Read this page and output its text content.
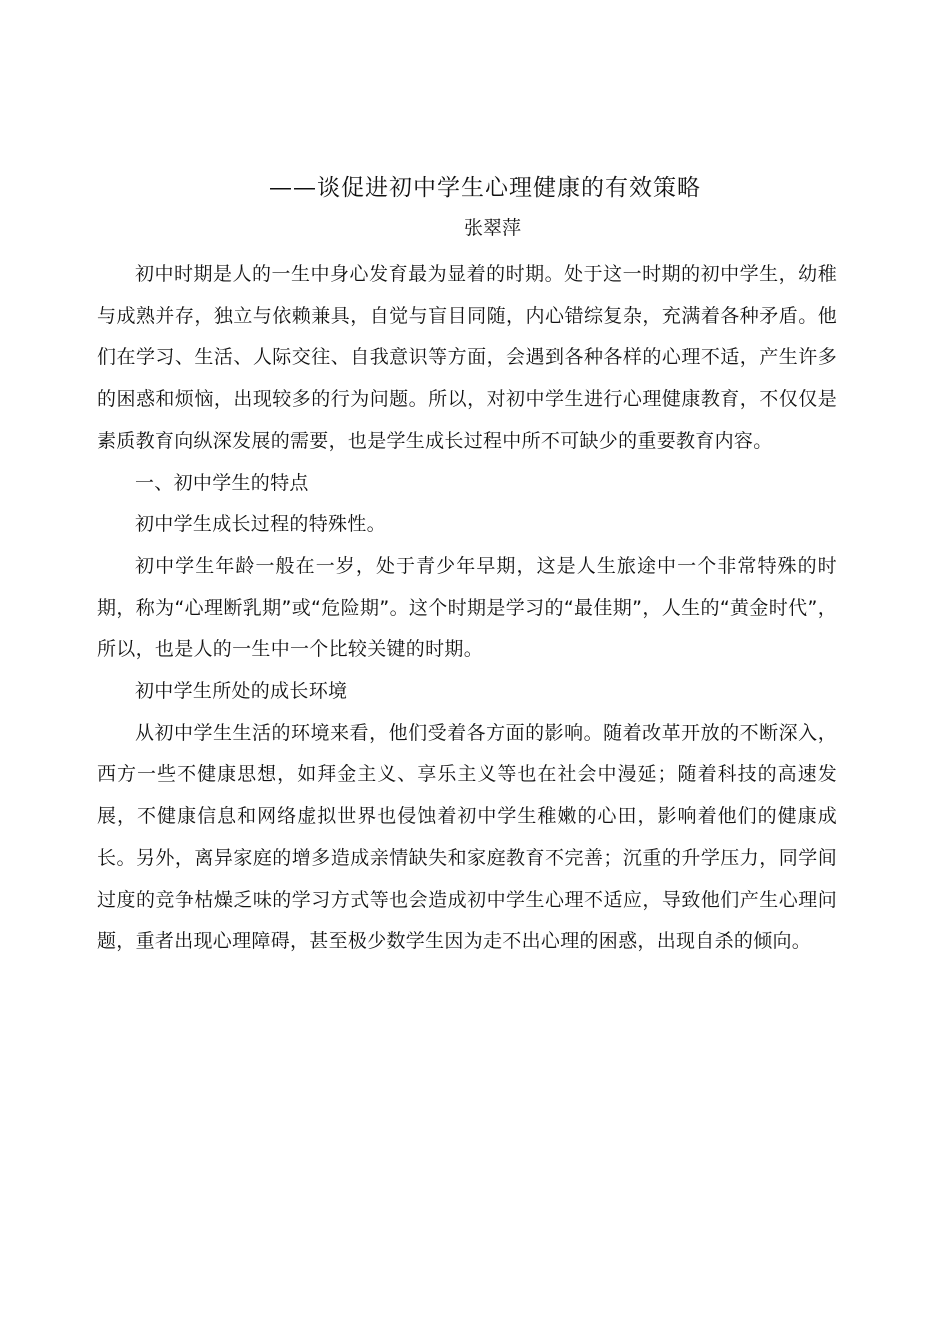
——谈促进初中学生心理健康的有效策略
张翠萍

初中时期是人的一生中身心发育最为显着的时期。处于这一时期的初中学生，幼稚与成熟并存，独立与依赖兼具，自觉与盲目同随，内心错综复杂，充满着各种矛盾。他们在学习、生活、人际交往、自我意识等方面，会遇到各种各样的心理不适，产生许多的困惑和烦恼，出现较多的行为问题。所以，对初中学生进行心理健康教育，不仅仅是素质教育向纵深发展的需要，也是学生成长过程中所不可缺少的重要教育内容。

一、初中学生的特点

初中学生成长过程的特殊性。

初中学生年龄一般在一岁，处于青少年早期，这是人生旅途中一个非常特殊的时期，称为“心理断乳期”或“危险期”。这个时期是学习的“最佳期”，人生的“黄金时代”，所以，也是人的一生中一个比较关键的时期。

初中学生所处的成长环境

从初中学生生活的环境来看，他们受着各方面的影响。随着改革开放的不断深入，西方一些不健康思想，如拜金主义、享乐主义等也在社会中漫延；随着科技的高速发展，不健康信息和网络虚拟世界也侵蚀着初中学生稚嫩的心田，影响着他们的健康成长。另外，离异家庭的增多造成亲情缺失和家庭教育不完善；沉重的升学压力，同学间过度的竞争枯燥乏味的学习方式等也会造成初中学生心理不适应，导致他们产生心理问题，重者出现心理障碍，甚至极少数学生因为走不出心理的困惑，出现自杀的倾向。
